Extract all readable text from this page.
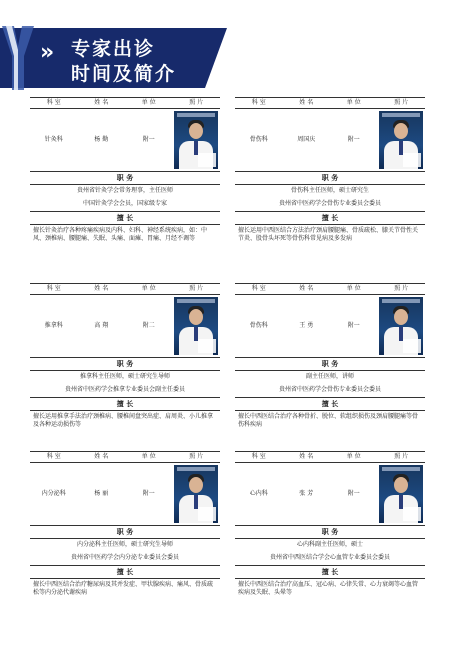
» 专家出诊
时间及简介
科 室	姓 名	单 位	照 片
针灸科	杨 勤	附一
职 务
贵州省针灸学会常务理事，主任医师
中国针灸学会会员，国家级专家
擅 长
擅长针灸治疗各种疼痛疾病及内科、妇科、神经系统疾病，如：中风、颈椎病、腰腿痛、失眠、头痛、面瘫、胃痛、月经不调等
科 室	姓 名	单 位	照 片
骨伤科	周国庆	附一
职 务
骨伤科主任医师，硕士研究生
贵州省中医药学会骨伤专业委员会委员
擅 长
擅长运用中西医结合方法治疗颈肩腰腿痛、骨质疏松、膝关节骨性关节炎、股骨头坏死等骨伤科常见病及多发病
科 室	姓 名	单 位	照 片
推拿科	高 翔	附二
职 务
推拿科主任医师，硕士研究生导师
贵州省中医药学会推拿专业委员会副主任委员
擅 长
擅长运用推拿手法治疗颈椎病、腰椎间盘突出症、肩周炎、小儿推拿及各种运动损伤等
科 室	姓 名	单 位	照 片
骨伤科	王 勇	附一
职 务
副主任医师，讲师
贵州省中医药学会骨伤专业委员会委员
擅 长
擅长中西医结合治疗各种骨折、脱位、软组织损伤及颈肩腰腿痛等骨伤科疾病
科 室	姓 名	单 位	照 片
内分泌科	杨 丽	附一
职 务
内分泌科主任医师，硕士研究生导师
贵州省中医药学会内分泌专业委员会委员
擅 长
擅长中西医结合治疗糖尿病及其并发症、甲状腺疾病、痛风、骨质疏松等内分泌代谢疾病
科 室	姓 名	单 位	照 片
心内科	张 芳	附一
职 务
心内科副主任医师，硕士
贵州省中西医结合学会心血管专业委员会委员
擅 长
擅长中西医结合治疗高血压、冠心病、心律失常、心力衰竭等心血管疾病及失眠、头晕等
